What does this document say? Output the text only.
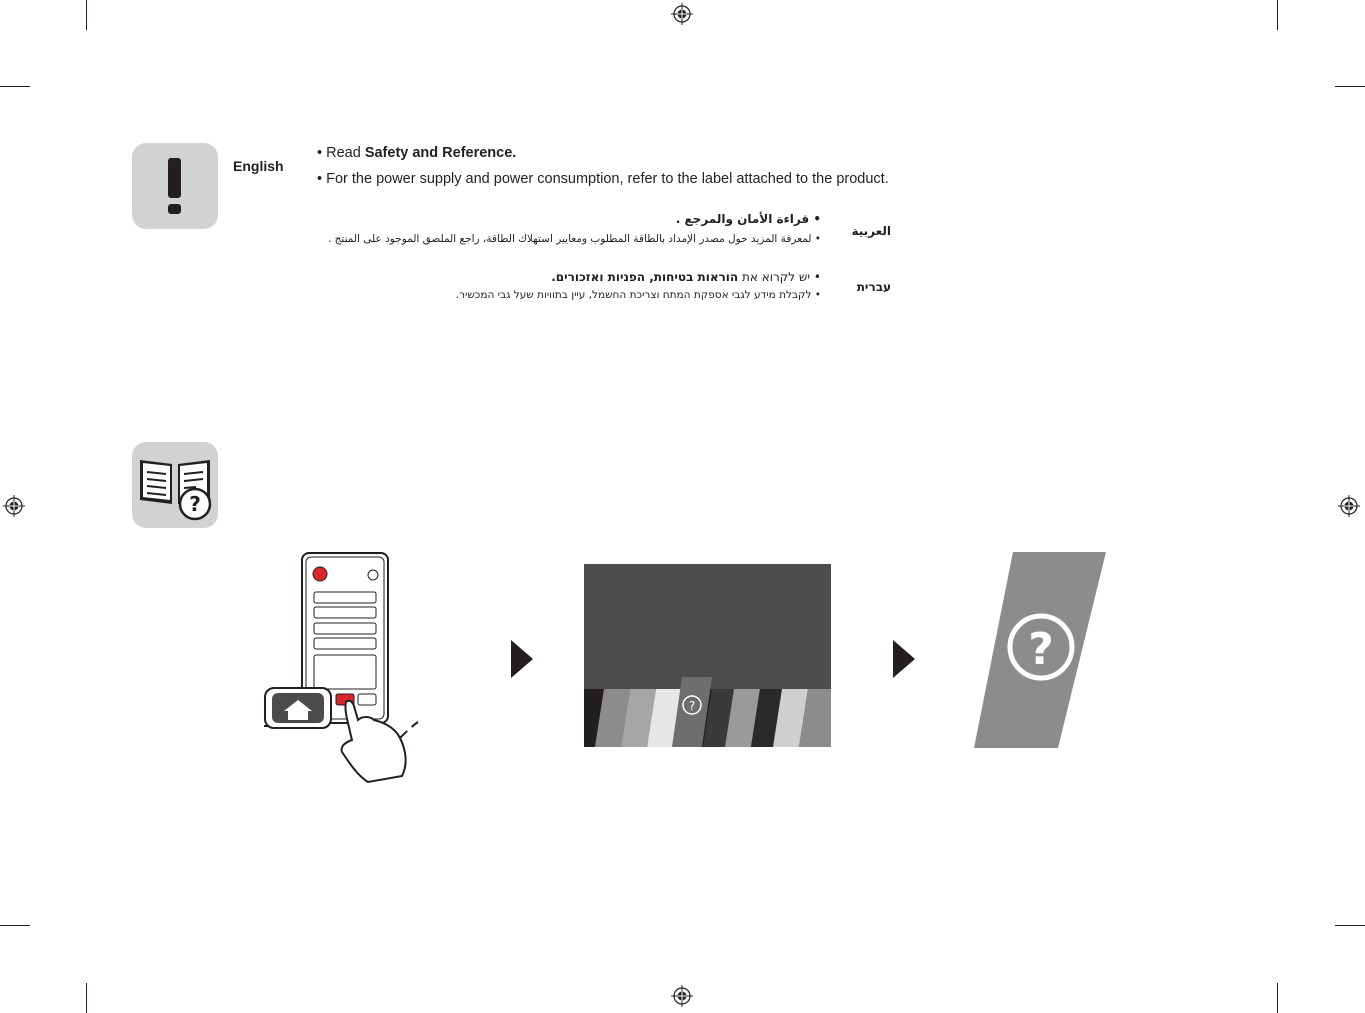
English
• Read Safety and Reference.
• For the power supply and power consumption, refer to the label attached to the product.
العربية
• قراءة الأمان والمرجع .
• لمعرفة المزيد حول مصدر الإمداد بالطاقة المطلوب ومعايير استهلاك الطاقة، راجع الملصق الموجود على المنتج .
עברית
• יש לקרוא את הוראות בטיחות, הפניות ואזכורים.
• לקבלת מידע לגבי אספקת המתח וצריכת החשמל, עיין בתוויות שעל גבי המכשיר.
?
?
?
